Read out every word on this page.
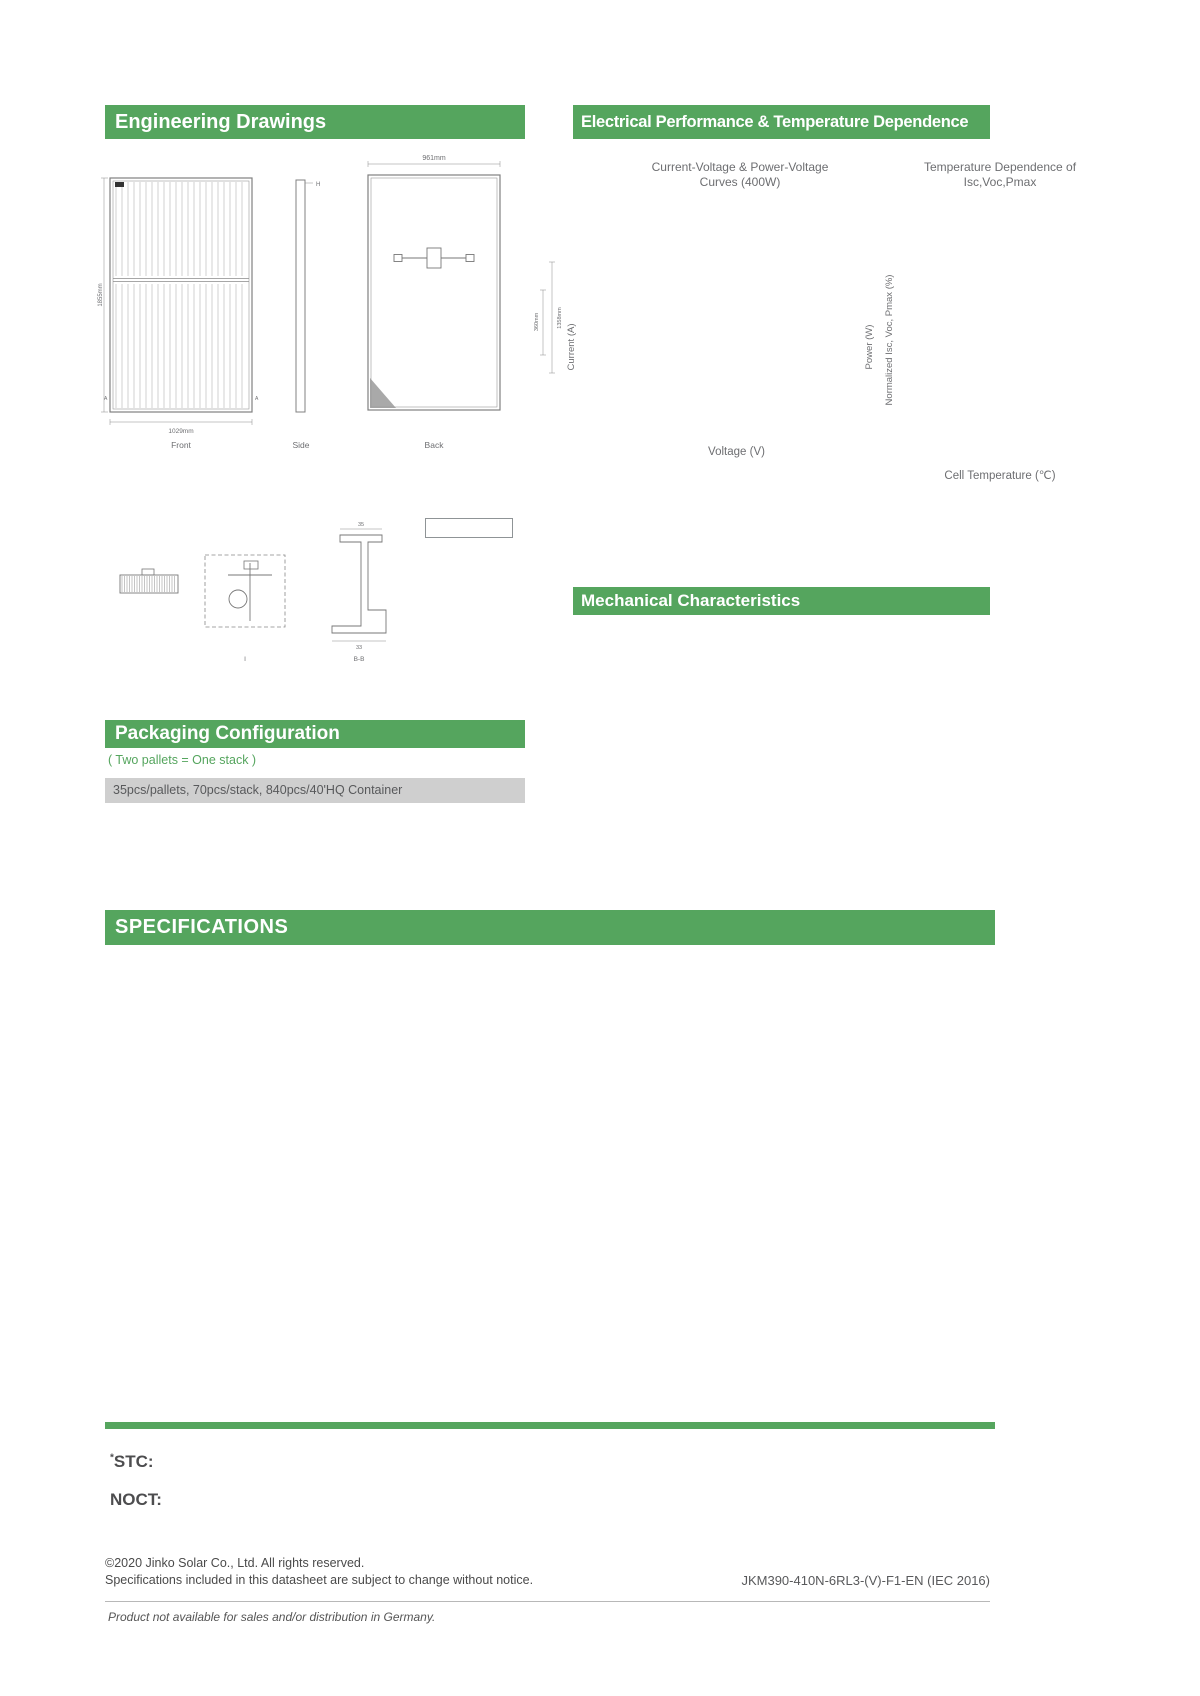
Engineering Drawings	Electrical Performance & Temperature Dependence
Mechanical Characteristics
Packaging Configuration
SPECIFICATIONS
A	A
1855mm
1029mm
Front
H
Side
961mm
360mm	1358mm
Back
I
35
33
B-B
Current-Voltage & Power-Voltage
Curves (400W)
Temperature Dependence of
Isc,Voc,Pmax
Current (A)	Power (W)
Voltage (V)
Normalized Isc, Voc, Pmax (%)
Cell Temperature (℃)
( Two pallets = One stack )
35pcs/pallets, 70pcs/stack, 840pcs/40'HQ Container
*STC:
NOCT:
©2020 Jinko Solar Co., Ltd. All rights reserved.
Specifications included in this datasheet are subject to change without notice.	JKM390-410N-6RL3-(V)-F1-EN (IEC 2016)
Product not available for sales and/or distribution in Germany.
